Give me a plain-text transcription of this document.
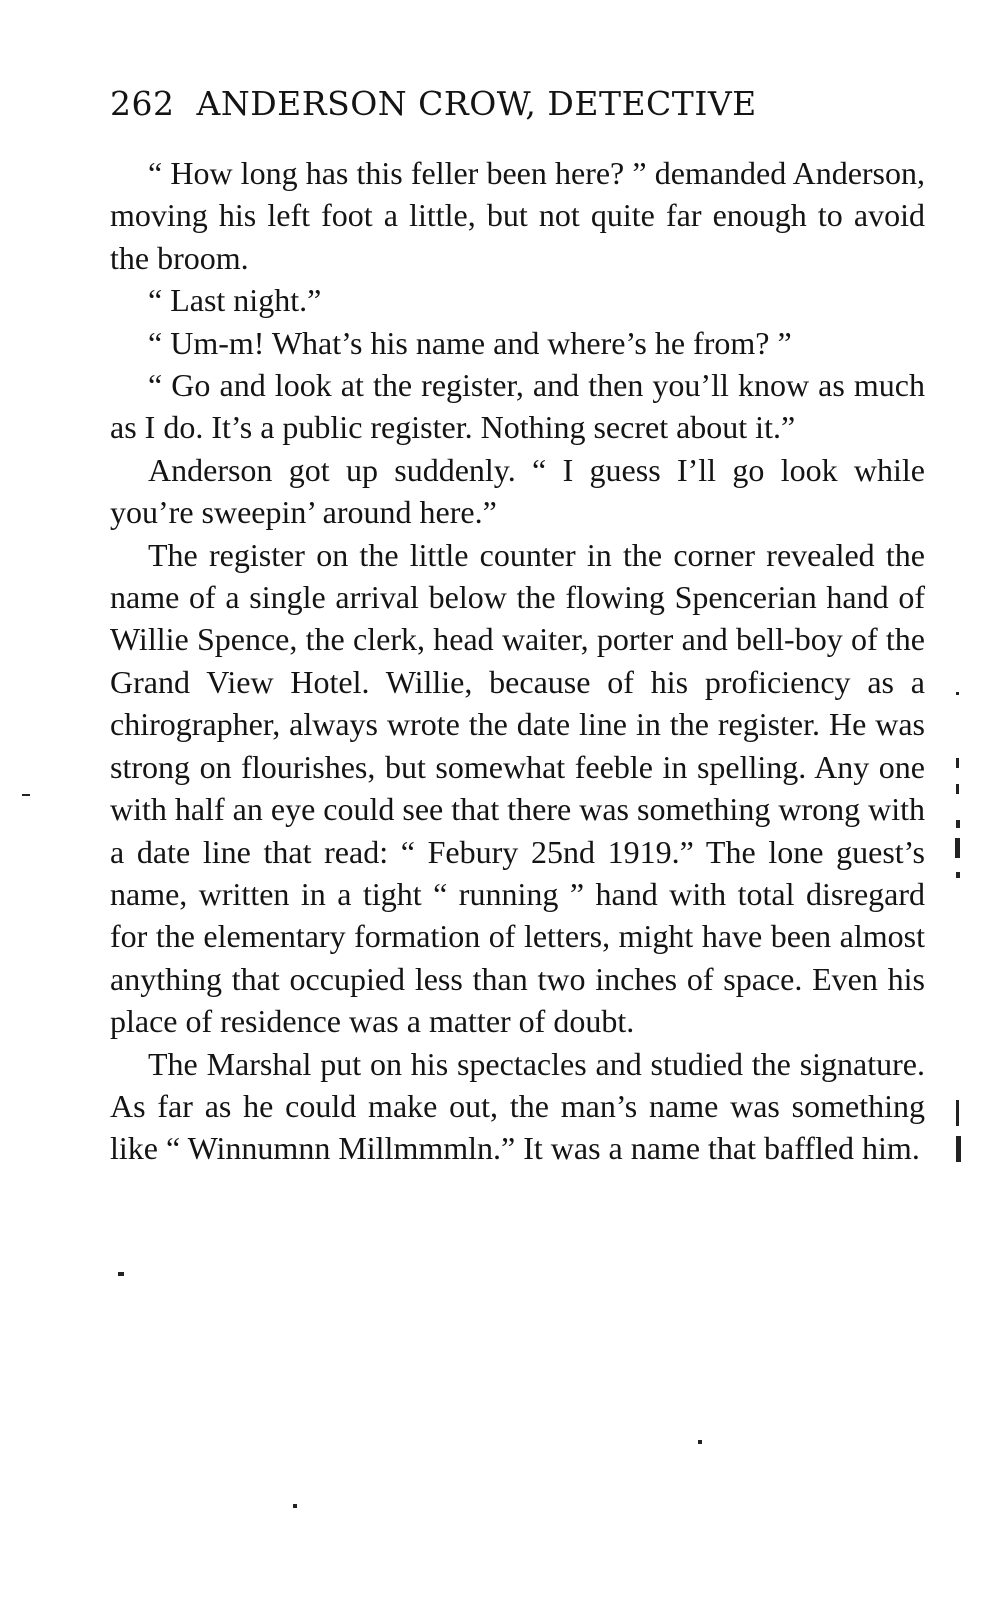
262 ANDERSON CROW, DETECTIVE

“ How long has this feller been here? ” demanded Anderson, moving his left foot a little, but not quite far enough to avoid the broom.

“ Last night.”

“ Um-m! What’s his name and where’s he from? ”

“ Go and look at the register, and then you’ll know as much as I do. It’s a public register. Nothing secret about it.”

Anderson got up suddenly. “ I guess I’ll go look while you’re sweepin’ around here.”

The register on the little counter in the corner revealed the name of a single arrival below the flowing Spencerian hand of Willie Spence, the clerk, head waiter, porter and bell-boy of the Grand View Hotel. Willie, because of his proficiency as a chirographer, always wrote the date line in the register. He was strong on flourishes, but somewhat feeble in spelling. Any one with half an eye could see that there was something wrong with a date line that read: “ Febury 25nd 1919.” The lone guest’s name, written in a tight “ running ” hand with total disregard for the elementary formation of letters, might have been almost anything that occupied less than two inches of space. Even his place of residence was a matter of doubt.

The Marshal put on his spectacles and studied the signature. As far as he could make out, the man’s name was something like “ Winnumnn Millmmmln.” It was a name that baffled him.
